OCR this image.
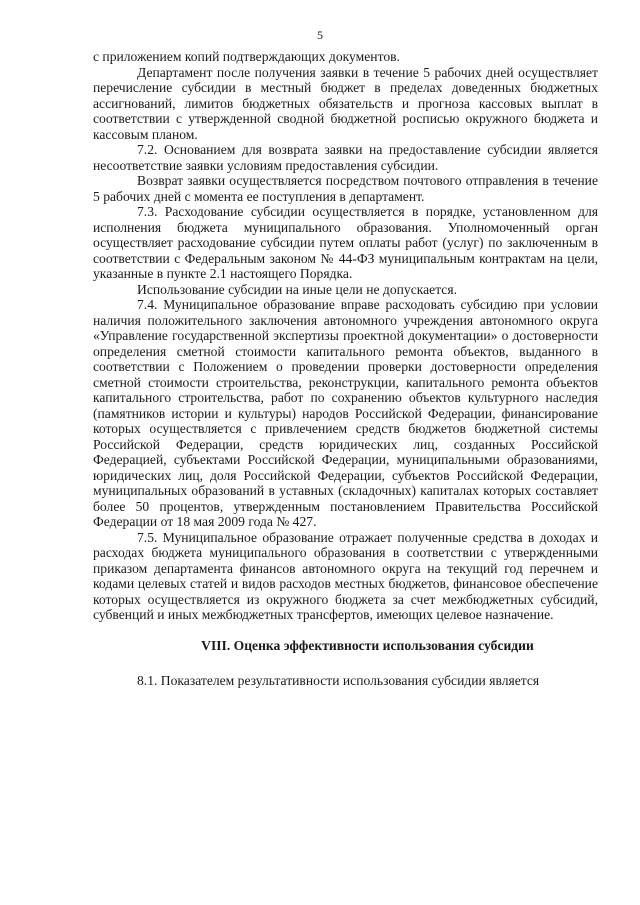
5

с приложением копий подтверждающих документов.

Департамент после получения заявки в течение 5 рабочих дней осуществляет перечисление субсидии в местный бюджет в пределах доведенных бюджетных ассигнований, лимитов бюджетных обязательств и прогноза кассовых выплат в соответствии с утвержденной сводной бюджетной росписью окружного бюджета и кассовым планом.

7.2. Основанием для возврата заявки на предоставление субсидии является несоответствие заявки условиям предоставления субсидии.

Возврат заявки осуществляется посредством почтового отправления в течение 5 рабочих дней с момента ее поступления в департамент.

7.3. Расходование субсидии осуществляется в порядке, установленном для исполнения бюджета муниципального образования. Уполномоченный орган осуществляет расходование субсидии путем оплаты работ (услуг) по заключенным в соответствии с Федеральным законом № 44-ФЗ муниципальным контрактам на цели, указанные в пункте 2.1 настоящего Порядка.

Использование субсидии на иные цели не допускается.

7.4. Муниципальное образование вправе расходовать субсидию при условии наличия положительного заключения автономного учреждения автономного округа «Управление государственной экспертизы проектной документации» о достоверности определения сметной стоимости капитального ремонта объектов, выданного в соответствии с Положением о проведении проверки достоверности определения сметной стоимости строительства, реконструкции, капитального ремонта объектов капитального строительства, работ по сохранению объектов культурного наследия (памятников истории и культуры) народов Российской Федерации, финансирование которых осуществляется с привлечением средств бюджетов бюджетной системы Российской Федерации, средств юридических лиц, созданных Российской Федерацией, субъектами Российской Федерации, муниципальными образованиями, юридических лиц, доля Российской Федерации, субъектов Российской Федерации, муниципальных образований в уставных (складочных) капиталах которых составляет более 50 процентов, утвержденным постановлением Правительства Российской Федерации от 18 мая 2009 года № 427.

7.5. Муниципальное образование отражает полученные средства в доходах и расходах бюджета муниципального образования в соответствии с утвержденными приказом департамента финансов автономного округа на текущий год перечнем и кодами целевых статей и видов расходов местных бюджетов, финансовое обеспечение которых осуществляется из окружного бюджета за счет межбюджетных субсидий, субвенций и иных межбюджетных трансфертов, имеющих целевое назначение.

VIII. Оценка эффективности использования субсидии

8.1. Показателем результативности использования субсидии является
